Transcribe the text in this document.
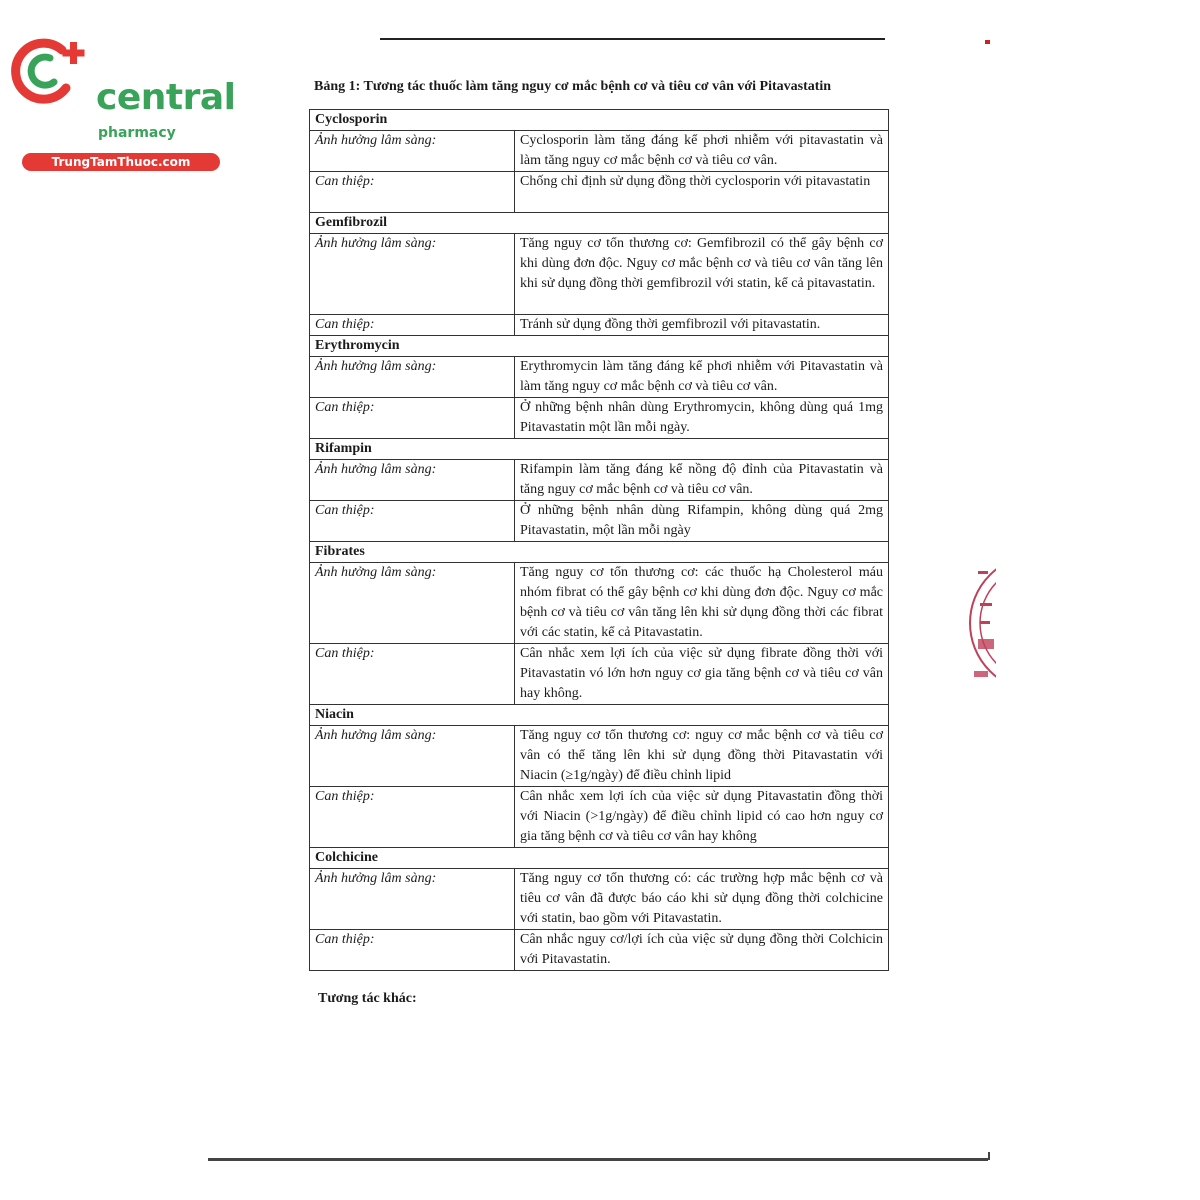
central

pharmacy
TrungTamThuoc.com

Bảng 1: Tương tác thuốc làm tăng nguy cơ mắc bệnh cơ và tiêu cơ vân với Pitavastatin

Cyclosporin	
Ảnh hưởng lâm sàng:	Cyclosporin làm tăng đáng kể phơi nhiễm với pitavastatin và làm tăng nguy cơ mắc bệnh cơ và tiêu cơ vân.
Can thiệp:	Chống chỉ định sử dụng đồng thời cyclosporin với pitavastatin
Gemfibrozil	
Ảnh hưởng lâm sàng:	Tăng nguy cơ tổn thương cơ: Gemfibrozil có thể gây bệnh cơ khi dùng đơn độc. Nguy cơ mắc bệnh cơ và tiêu cơ vân tăng lên khi sử dụng đồng thời gemfibrozil với statin, kể cả pitavastatin.
Can thiệp:	Tránh sử dụng đồng thời gemfibrozil với pitavastatin.
Erythromycin	
Ảnh hưởng lâm sàng:	Erythromycin làm tăng đáng kể phơi nhiễm với Pitavastatin và làm tăng nguy cơ mắc bệnh cơ và tiêu cơ vân.
Can thiệp:	Ở những bệnh nhân dùng Erythromycin, không dùng quá 1mg Pitavastatin một lần mỗi ngày.
Rifampin	
Ảnh hưởng lâm sàng:	Rifampin làm tăng đáng kể nồng độ đỉnh của Pitavastatin và tăng nguy cơ mắc bệnh cơ và tiêu cơ vân.
Can thiệp:	Ở những bệnh nhân dùng Rifampin, không dùng quá 2mg Pitavastatin, một lần mỗi ngày
Fibrates	
Ảnh hưởng lâm sàng:	Tăng nguy cơ tổn thương cơ: các thuốc hạ Cholesterol máu nhóm fibrat có thể gây bệnh cơ khi dùng đơn độc. Nguy cơ mắc bệnh cơ và tiêu cơ vân tăng lên khi sử dụng đồng thời các fibrat với các statin, kể cả Pitavastatin.
Can thiệp:	Cân nhắc xem lợi ích của việc sử dụng fibrate đồng thời với Pitavastatin vó lớn hơn nguy cơ gia tăng bệnh cơ và tiêu cơ vân hay không.
Niacin	
Ảnh hưởng lâm sàng:	Tăng nguy cơ tổn thương cơ: nguy cơ mắc bệnh cơ và tiêu cơ vân có thể tăng lên khi sử dụng đồng thời Pitavastatin với Niacin (≥1g/ngày) để điều chỉnh lipid
Can thiệp:	Cân nhắc xem lợi ích của việc sử dụng Pitavastatin đồng thời với Niacin (>1g/ngày) để điều chỉnh lipid có cao hơn nguy cơ gia tăng bệnh cơ và tiêu cơ vân hay không
Colchicine	
Ảnh hưởng lâm sàng:	Tăng nguy cơ tổn thương có: các trường hợp mắc bệnh cơ và tiêu cơ vân đã được báo cáo khi sử dụng đồng thời colchicine với statin, bao gồm với Pitavastatin.
Can thiệp:	Cân nhắc nguy cơ/lợi ích của việc sử dụng đồng thời Colchicin với Pitavastatin.

Tương tác khác:
